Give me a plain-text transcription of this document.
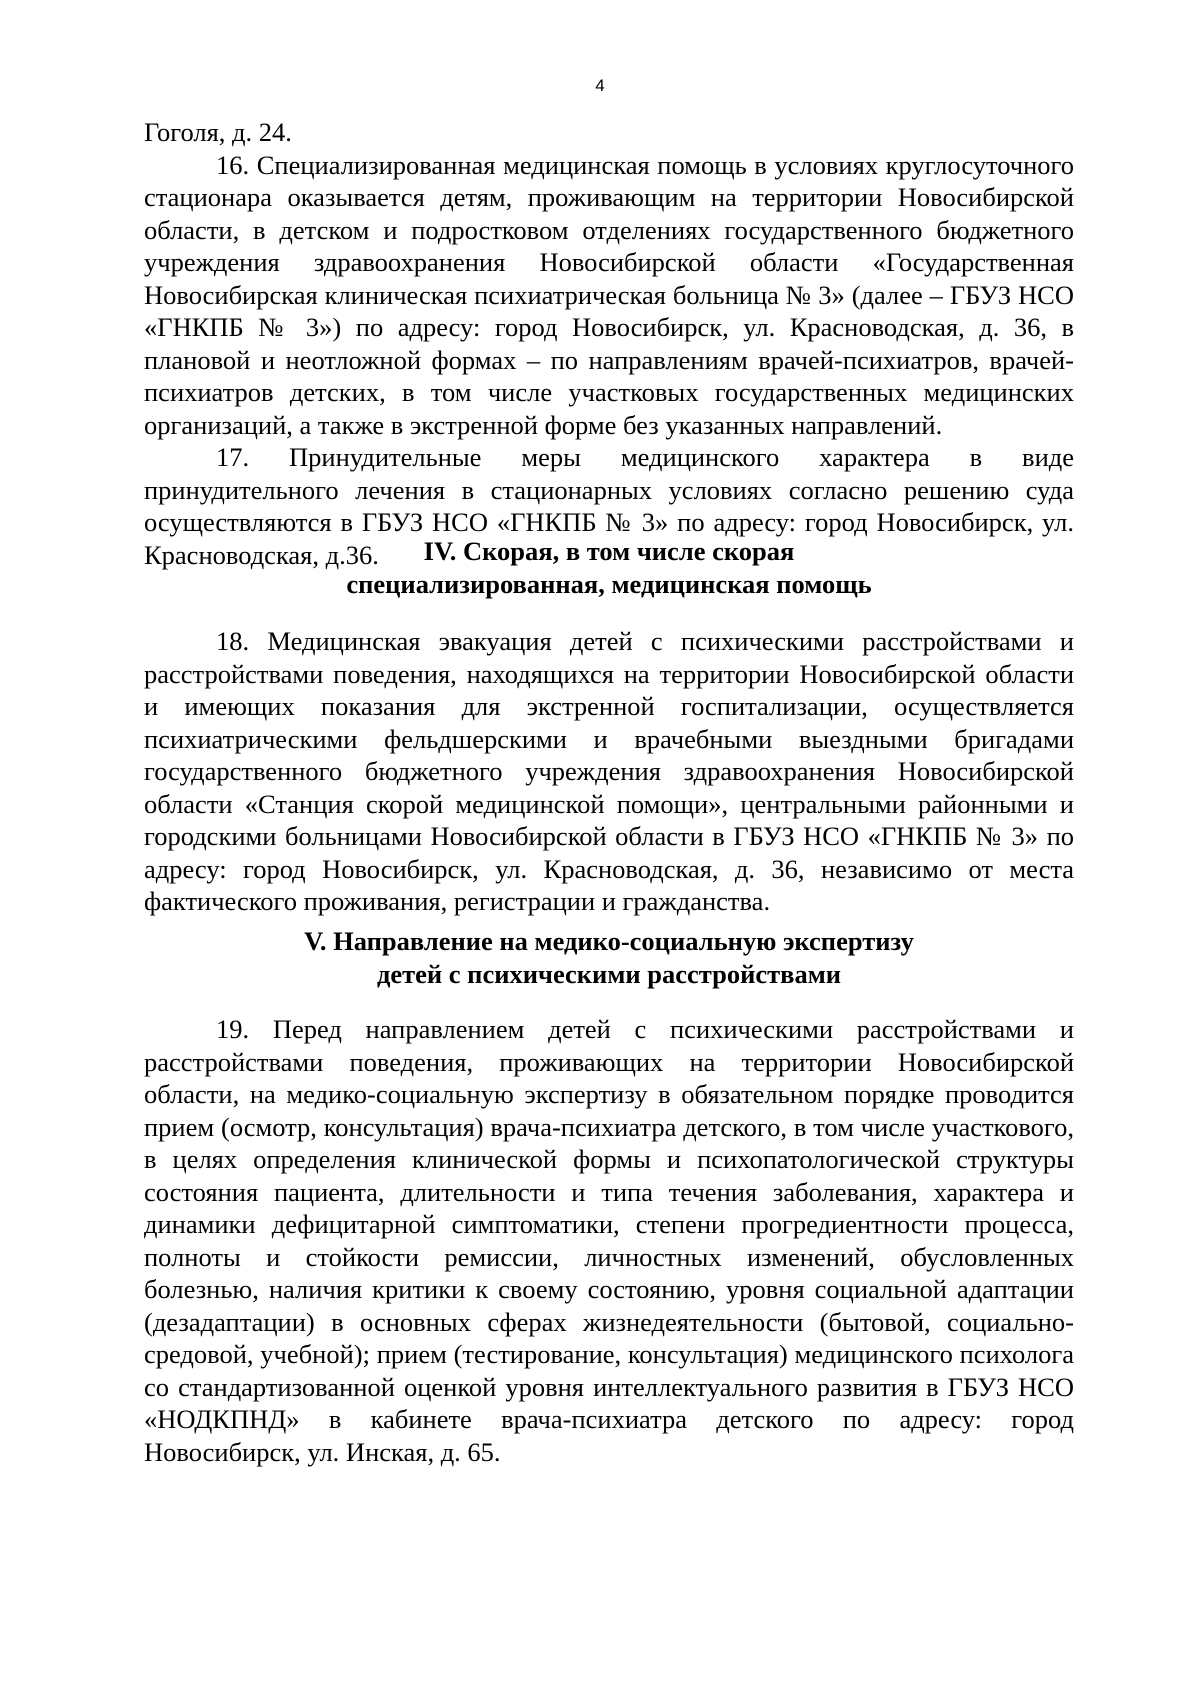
4

Гоголя, д. 24.

16. Специализированная медицинская помощь в условиях круглосуточного стационара оказывается детям, проживающим на территории Новосибирской области, в детском и подростковом отделениях государственного бюджетного учреждения здравоохранения Новосибирской области «Государственная Новосибирская клиническая психиатрическая больница № 3» (далее – ГБУЗ НСО «ГНКПБ № 3») по адресу: город Новосибирск, ул. Красноводская, д. 36, в плановой и неотложной формах – по направлениям врачей-психиатров, врачей-психиатров детских, в том числе участковых государственных медицинских организаций, а также в экстренной форме без указанных направлений.

17. Принудительные меры медицинского характера в виде принудительного лечения в стационарных условиях согласно решению суда осуществляются в ГБУЗ НСО «ГНКПБ № 3» по адресу: город Новосибирск, ул. Красноводская, д.36.	IV. Скорая, в том числе скорая
специализированная, медицинская помощь

18. Медицинская эвакуация детей с психическими расстройствами и расстройствами поведения, находящихся на территории Новосибирской области и имеющих показания для экстренной госпитализации, осуществляется психиатрическими фельдшерскими и врачебными выездными бригадами государственного бюджетного учреждения здравоохранения Новосибирской области «Станция скорой медицинской помощи», центральными районными и городскими больницами Новосибирской области в ГБУЗ НСО «ГНКПБ № 3» по адресу: город Новосибирск, ул. Красноводская, д. 36, независимо от места фактического проживания, регистрации и гражданства.

V. Направление на медико-социальную экспертизу
детей с психическими расстройствами

19. Перед направлением детей с психическими расстройствами и расстройствами поведения, проживающих на территории Новосибирской области, на медико-социальную экспертизу в обязательном порядке проводится прием (осмотр, консультация) врача-психиатра детского, в том числе участкового, в целях определения клинической формы и психопатологической структуры состояния пациента, длительности и типа течения заболевания, характера и динамики дефицитарной симптоматики, степени прогредиентности процесса, полноты и стойкости ремиссии, личностных изменений, обусловленных болезнью, наличия критики к своему состоянию, уровня социальной адаптации (дезадаптации) в основных сферах жизнедеятельности (бытовой, социально-средовой, учебной); прием (тестирование, консультация) медицинского психолога со стандартизованной оценкой уровня интеллектуального развития в ГБУЗ НСО «НОДКПНД» в кабинете врача-психиатра детского по адресу: город Новосибирск, ул. Инская, д. 65.
